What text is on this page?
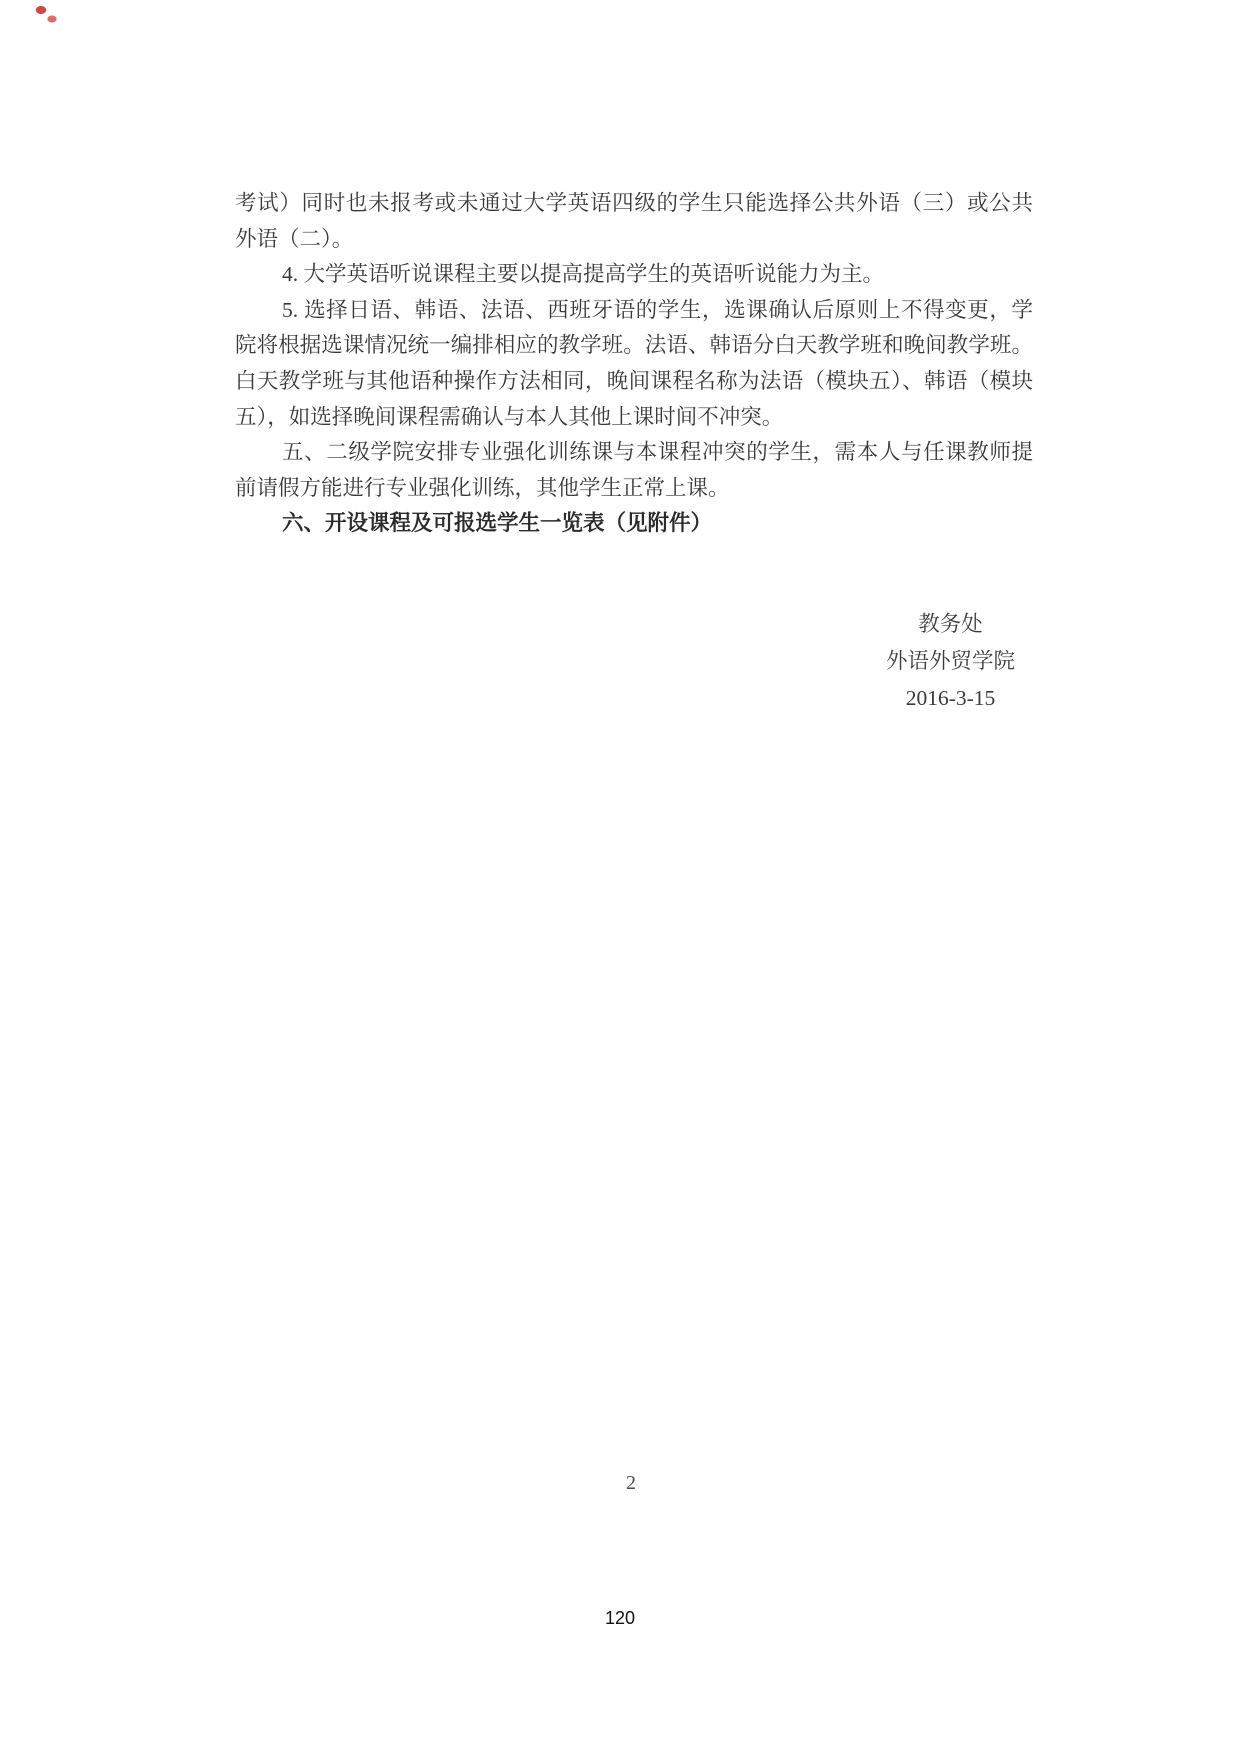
考试）同时也未报考或未通过大学英语四级的学生只能选择公共外语（三）或公共
外语（二）。
4. 大学英语听说课程主要以提高提高学生的英语听说能力为主。
5. 选择日语、韩语、法语、西班牙语的学生，选课确认后原则上不得变更，学
院将根据选课情况统一编排相应的教学班。法语、韩语分白天教学班和晚间教学班。
白天教学班与其他语种操作方法相同，晚间课程名称为法语（模块五）、韩语（模块
五），如选择晚间课程需确认与本人其他上课时间不冲突。
五、二级学院安排专业强化训练课与本课程冲突的学生，需本人与任课教师提
前请假方能进行专业强化训练，其他学生正常上课。
六、开设课程及可报选学生一览表（见附件）
教务处
外语外贸学院
2016-3-15
2
120
